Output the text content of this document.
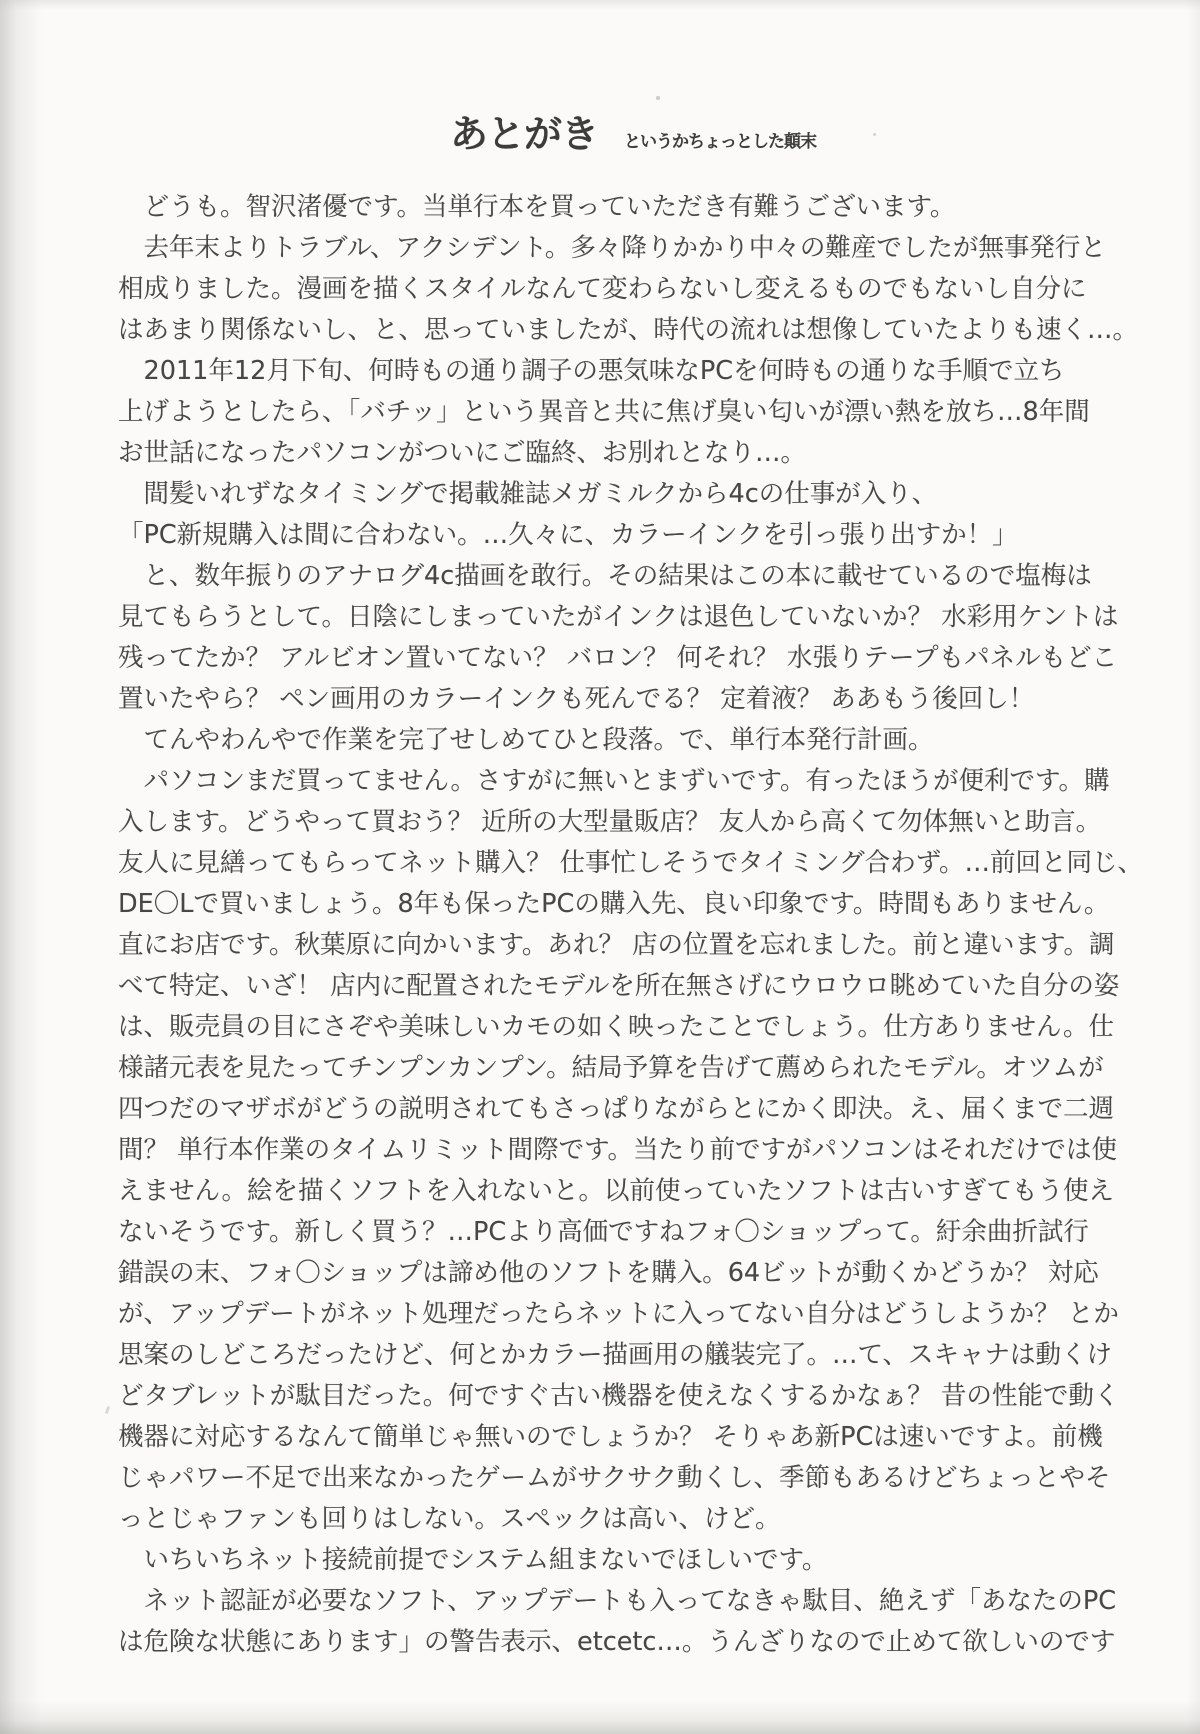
あとがき というかちょっとした顛末
　どうも。智沢渚優です。当単行本を買っていただき有難うございます。
　去年末よりトラブル、アクシデント。多々降りかかり中々の難産でしたが無事発行と
相成りました。漫画を描くスタイルなんて変わらないし変えるものでもないし自分に
はあまり関係ないし、と、思っていましたが、時代の流れは想像していたよりも速く…。
　2011年12月下旬、何時もの通り調子の悪気味なPCを何時もの通りな手順で立ち
上げようとしたら、「バチッ」という異音と共に焦げ臭い匂いが漂い熱を放ち…8年間
お世話になったパソコンがついにご臨終、お別れとなり…。
　間髪いれずなタイミングで掲載雑誌メガミルクから4cの仕事が入り、
「PC新規購入は間に合わない。…久々に、カラーインクを引っ張り出すか！」
　と、数年振りのアナログ4c描画を敢行。その結果はこの本に載せているので塩梅は
見てもらうとして。日陰にしまっていたがインクは退色していないか？ 水彩用ケントは
残ってたか？ アルビオン置いてない？ バロン？ 何それ？ 水張りテープもパネルもどこ
置いたやら？ ペン画用のカラーインクも死んでる？ 定着液？ ああもう後回し！
　てんやわんやで作業を完了せしめてひと段落。で、単行本発行計画。
　パソコンまだ買ってません。さすがに無いとまずいです。有ったほうが便利です。購
入します。どうやって買おう？ 近所の大型量販店？ 友人から高くて勿体無いと助言。
友人に見繕ってもらってネット購入？ 仕事忙しそうでタイミング合わず。…前回と同じ、
DE〇Lで買いましょう。8年も保ったPCの購入先、良い印象です。時間もありません。
直にお店です。秋葉原に向かいます。あれ？ 店の位置を忘れました。前と違います。調
べて特定、いざ！ 店内に配置されたモデルを所在無さげにウロウロ眺めていた自分の姿
は、販売員の目にさぞや美味しいカモの如く映ったことでしょう。仕方ありません。仕
様諸元表を見たってチンプンカンプン。結局予算を告げて薦められたモデル。オツムが
四つだのマザボがどうの説明されてもさっぱりながらとにかく即決。え、届くまで二週
間？ 単行本作業のタイムリミット間際です。当たり前ですがパソコンはそれだけでは使
えません。絵を描くソフトを入れないと。以前使っていたソフトは古いすぎてもう使え
ないそうです。新しく買う？…PCより高価ですねフォ〇ショップって。紆余曲折試行
錯誤の末、フォ〇ショップは諦め他のソフトを購入。64ビットが動くかどうか？ 対応
が、アップデートがネット処理だったらネットに入ってない自分はどうしようか？ とか
思案のしどころだったけど、何とかカラー描画用の艤装完了。…て、スキャナは動くけ
どタブレットが駄目だった。何ですぐ古い機器を使えなくするかなぁ？ 昔の性能で動く
機器に対応するなんて簡単じゃ無いのでしょうか？ そりゃあ新PCは速いですよ。前機
じゃパワー不足で出来なかったゲームがサクサク動くし、季節もあるけどちょっとやそ
っとじゃファンも回りはしない。スペックは高い、けど。
　いちいちネット接続前提でシステム組まないでほしいです。
　ネット認証が必要なソフト、アップデートも入ってなきゃ駄目、絶えず「あなたのPC
は危険な状態にあります」の警告表示、etcetc…。うんざりなので止めて欲しいのです
